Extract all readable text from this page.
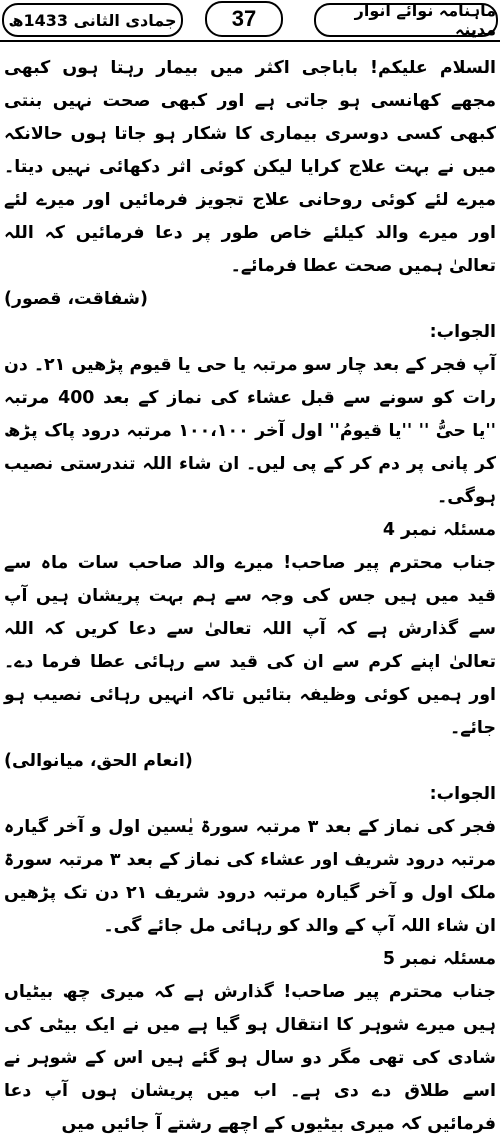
جمادی الثانی 1433ھ	37	ماہنامہ نوائے انوار مدینہ

السلام علیکم! باباجی اکثر میں بیمار رہتا ہوں کبھی مجھے کھانسی ہو جاتی ہے اور کبھی صحت نہیں بنتی کبھی کسی دوسری بیماری کا شکار ہو جاتا ہوں حالانکہ میں نے بہت علاج کرایا لیکن کوئی اثر دکھائی نہیں دیتا۔ میرے لئے کوئی روحانی علاج تجویز فرمائیں اور میرے لئے اور میرے والد کیلئے خاص طور پر دعا فرمائیں کہ اللہ تعالیٰ ہمیں صحت عطا فرمائے۔

(شفاقت، قصور)

الجواب:

آپ فجر کے بعد چار سو مرتبہ یا حی یا قیوم پڑھیں ۲۱۔ دن رات کو سونے سے قبل عشاء کی نماز کے بعد 400 مرتبہ ''یا حیُّ '' ''یا قیومُ'' اول آخر ۱۰۰،۱۰۰ مرتبہ درود پاک پڑھ کر پانی پر دم کر کے پی لیں۔ ان شاء اللہ تندرستی نصیب ہوگی۔

مسئلہ نمبر 4

جناب محترم پیر صاحب! میرے والد صاحب سات ماہ سے قید میں ہیں جس کی وجہ سے ہم بہت پریشان ہیں آپ سے گذارش ہے کہ آپ اللہ تعالیٰ سے دعا کریں کہ اللہ تعالیٰ اپنے کرم سے ان کی قید سے رہائی عطا فرما دے۔ اور ہمیں کوئی وظیفہ بتائیں تاکہ انہیں رہائی نصیب ہو جائے۔

(انعام الحق، میانوالی)

الجواب:

فجر کی نماز کے بعد ۳ مرتبہ سورۃ یٰسین اول و آخر گیارہ مرتبہ درود شریف اور عشاء کی نماز کے بعد ۳ مرتبہ سورۃ ملک اول و آخر گیارہ مرتبہ درود شریف ۲۱ دن تک پڑھیں ان شاء اللہ آپ کے والد کو رہائی مل جائے گی۔

مسئلہ نمبر 5

جناب محترم پیر صاحب! گذارش ہے کہ میری چھ بیٹیاں ہیں میرے شوہر کا انتقال ہو گیا ہے میں نے ایک بیٹی کی شادی کی تھی مگر دو سال ہو گئے ہیں اس کے شوہر نے اسے طلاق دے دی ہے۔ اب میں پریشان ہوں آپ دعا فرمائیں کہ میری بیٹیوں کے اچھے رشتے آ جائیں میں
